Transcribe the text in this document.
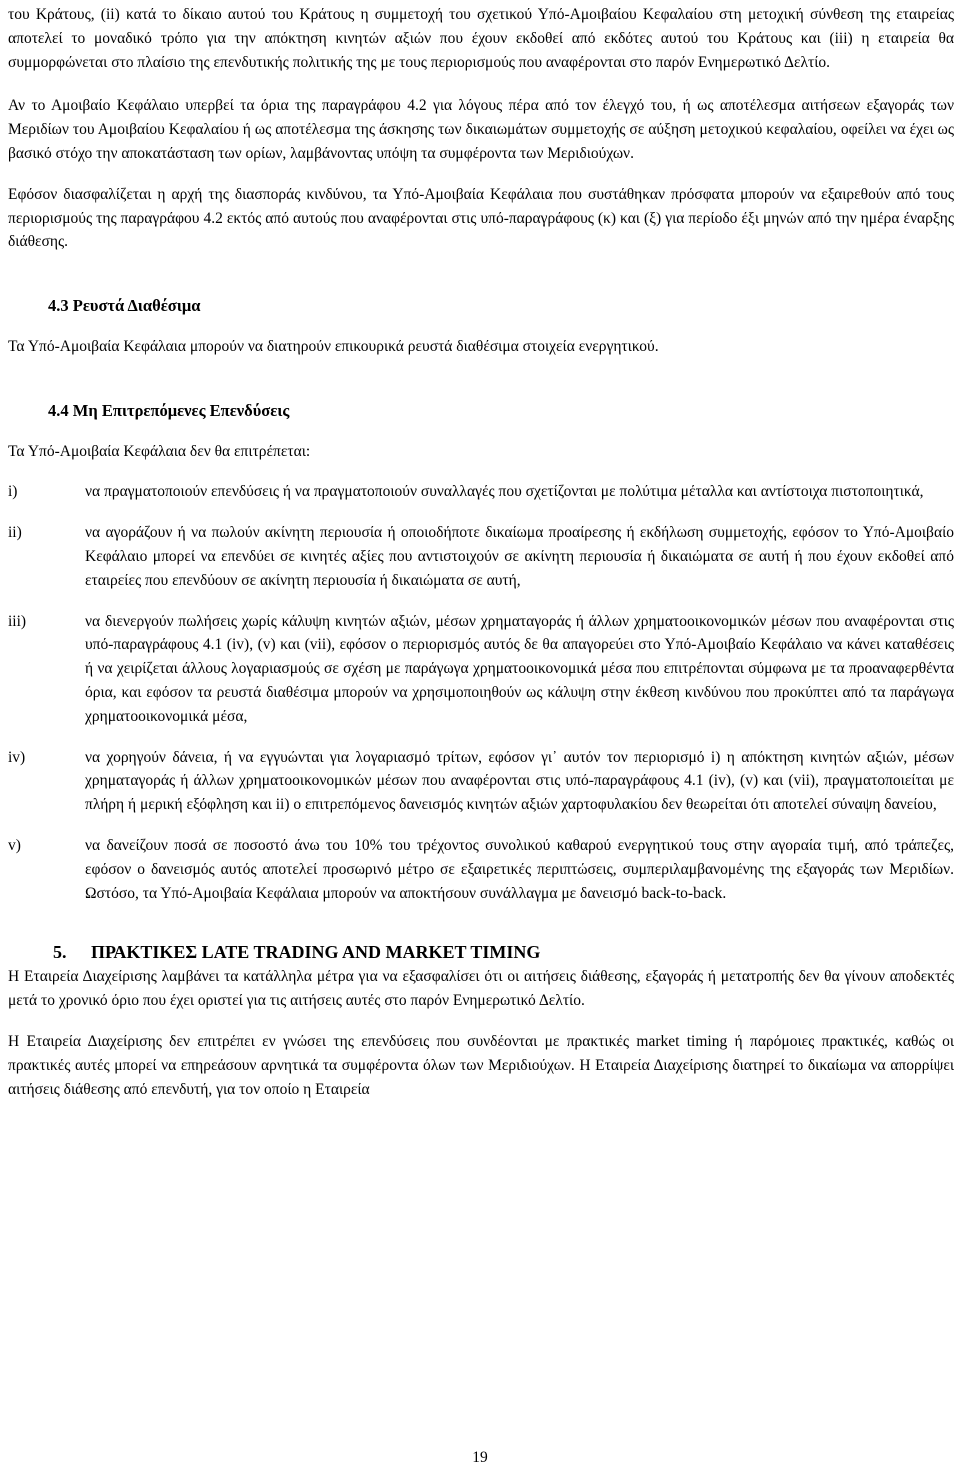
του Κράτους, (ii) κατά το δίκαιο αυτού του Κράτους η συμμετοχή του σχετικού Υπό-Αμοιβαίου Κεφαλαίου στη μετοχική σύνθεση της εταιρείας αποτελεί το μοναδικό τρόπο για την απόκτηση κινητών αξιών που έχουν εκδοθεί από εκδότες αυτού του Κράτους και (iii) η εταιρεία θα συμμορφώνεται στο πλαίσιο της επενδυτικής πολιτικής της με τους περιορισμούς που αναφέρονται στο παρόν Ενημερωτικό Δελτίο.

Αν το Αμοιβαίο Κεφάλαιο υπερβεί τα όρια της παραγράφου 4.2 για λόγους πέρα από τον έλεγχό του, ή ως αποτέλεσμα αιτήσεων εξαγοράς των Μεριδίων του Αμοιβαίου Κεφαλαίου ή ως αποτέλεσμα της άσκησης των δικαιωμάτων συμμετοχής σε αύξηση μετοχικού κεφαλαίου, οφείλει να έχει ως βασικό στόχο την αποκατάσταση των ορίων, λαμβάνοντας υπόψη τα συμφέροντα των Μεριδιούχων.

Εφόσον διασφαλίζεται η αρχή της διασποράς κινδύνου, τα Υπό-Αμοιβαία Κεφάλαια που συστάθηκαν πρόσφατα μπορούν να εξαιρεθούν από τους περιορισμούς της παραγράφου 4.2 εκτός από αυτούς που αναφέρονται στις υπό-παραγράφους (κ) και (ξ) για περίοδο έξι μηνών από την ημέρα έναρξης διάθεσης.

4.3 Ρευστά Διαθέσιμα

Τα Υπό-Αμοιβαία Κεφάλαια μπορούν να διατηρούν επικουρικά ρευστά διαθέσιμα στοιχεία ενεργητικού.

4.4 Μη Επιτρεπόμενες Επενδύσεις

Τα Υπό-Αμοιβαία Κεφάλαια δεν θα επιτρέπεται:

i)	να πραγματοποιούν επενδύσεις ή να πραγματοποιούν συναλλαγές που σχετίζονται με πολύτιμα μέταλλα και αντίστοιχα πιστοποιητικά,
ii)	να αγοράζουν ή να πωλούν ακίνητη περιουσία ή οποιοδήποτε δικαίωμα προαίρεσης ή εκδήλωση συμμετοχής, εφόσον το Υπό-Αμοιβαίο Κεφάλαιο μπορεί να επενδύει σε κινητές αξίες που αντιστοιχούν σε ακίνητη περιουσία ή δικαιώματα σε αυτή ή που έχουν εκδοθεί από εταιρείες που επενδύουν σε ακίνητη περιουσία ή δικαιώματα σε αυτή,
iii)	να διενεργούν πωλήσεις χωρίς κάλυψη κινητών αξιών, μέσων χρηματαγοράς ή άλλων χρηματοοικονομικών μέσων που αναφέρονται στις υπό-παραγράφους 4.1 (iv), (v) και (vii), εφόσον ο περιορισμός αυτός δε θα απαγορεύει στο Υπό-Αμοιβαίο Κεφάλαιο να κάνει καταθέσεις ή να χειρίζεται άλλους λογαριασμούς σε σχέση με παράγωγα χρηματοοικονομικά μέσα που επιτρέπονται σύμφωνα με τα προαναφερθέντα όρια, και εφόσον τα ρευστά διαθέσιμα μπορούν να χρησιμοποιηθούν ως κάλυψη στην έκθεση κινδύνου που προκύπτει από τα παράγωγα χρηματοοικονομικά μέσα,
iv)	να χορηγούν δάνεια, ή να εγγυώνται για λογαριασμό τρίτων, εφόσον γι᾽ αυτόν τον περιορισμό i) η απόκτηση κινητών αξιών, μέσων χρηματαγοράς ή άλλων χρηματοοικονομικών μέσων που αναφέρονται στις υπό-παραγράφους 4.1 (iv), (v) και (vii), πραγματοποιείται με πλήρη ή μερική εξόφληση και ii) ο επιτρεπόμενος δανεισμός κινητών αξιών χαρτοφυλακίου δεν θεωρείται ότι αποτελεί σύναψη δανείου,
v)	να δανείζουν ποσά σε ποσοστό άνω του 10% του τρέχοντος συνολικού καθαρού ενεργητικού τους στην αγοραία τιμή, από τράπεζες, εφόσον ο δανεισμός αυτός αποτελεί προσωρινό μέτρο σε εξαιρετικές περιπτώσεις, συμπεριλαμβανομένης της εξαγοράς των Μεριδίων. Ωστόσο, τα Υπό-Αμοιβαία Κεφάλαια μπορούν να αποκτήσουν συνάλλαγμα με δανεισμό back-to-back.
5. ΠΡΑΚΤΙΚΕΣ LATE TRADING AND MARKET TIMING

Η Εταιρεία Διαχείρισης λαμβάνει τα κατάλληλα μέτρα για να εξασφαλίσει ότι οι αιτήσεις διάθεσης, εξαγοράς ή μετατροπής δεν θα γίνουν αποδεκτές μετά το χρονικό όριο που έχει οριστεί για τις αιτήσεις αυτές στο παρόν Ενημερωτικό Δελτίο.

Η Εταιρεία Διαχείρισης δεν επιτρέπει εν γνώσει της επενδύσεις που συνδέονται με πρακτικές market timing ή παρόμοιες πρακτικές, καθώς οι πρακτικές αυτές μπορεί να επηρεάσουν αρνητικά τα συμφέροντα όλων των Μεριδιούχων. Η Εταιρεία Διαχείρισης διατηρεί το δικαίωμα να απορρίψει αιτήσεις διάθεσης από επενδυτή, για τον οποίο η Εταιρεία

19
